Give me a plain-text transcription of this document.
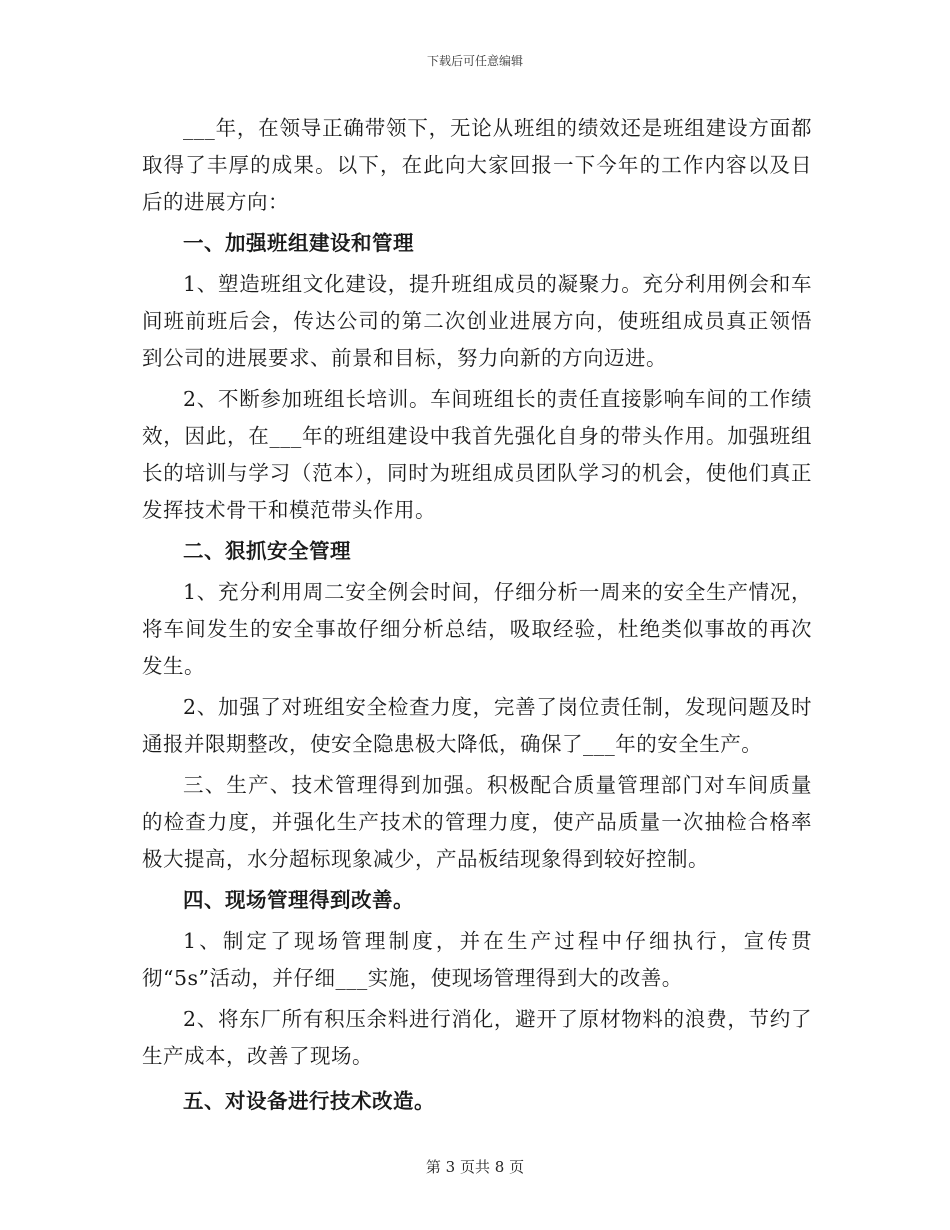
下载后可任意编辑

___年，在领导正确带领下，无论从班组的绩效还是班组建设方面都取得了丰厚的成果。以下，在此向大家回报一下今年的工作内容以及日后的进展方向：

一、加强班组建设和管理

1、塑造班组文化建设，提升班组成员的凝聚力。充分利用例会和车间班前班后会，传达公司的第二次创业进展方向，使班组成员真正领悟到公司的进展要求、前景和目标，努力向新的方向迈进。

2、不断参加班组长培训。车间班组长的责任直接影响车间的工作绩效，因此，在___年的班组建设中我首先强化自身的带头作用。加强班组长的培训与学习（范本），同时为班组成员团队学习的机会，使他们真正发挥技术骨干和模范带头作用。

二、狠抓安全管理

1、充分利用周二安全例会时间，仔细分析一周来的安全生产情况，将车间发生的安全事故仔细分析总结，吸取经验，杜绝类似事故的再次发生。

2、加强了对班组安全检查力度，完善了岗位责任制，发现问题及时通报并限期整改，使安全隐患极大降低，确保了___年的安全生产。

三、生产、技术管理得到加强。积极配合质量管理部门对车间质量的检查力度，并强化生产技术的管理力度，使产品质量一次抽检合格率极大提高，水分超标现象减少，产品板结现象得到较好控制。

四、现场管理得到改善。

1、制定了现场管理制度，并在生产过程中仔细执行，宣传贯彻“5s”活动，并仔细___实施，使现场管理得到大的改善。

2、将东厂所有积压余料进行消化，避开了原材物料的浪费，节约了生产成本，改善了现场。

五、对设备进行技术改造。

第 3 页共 8 页
